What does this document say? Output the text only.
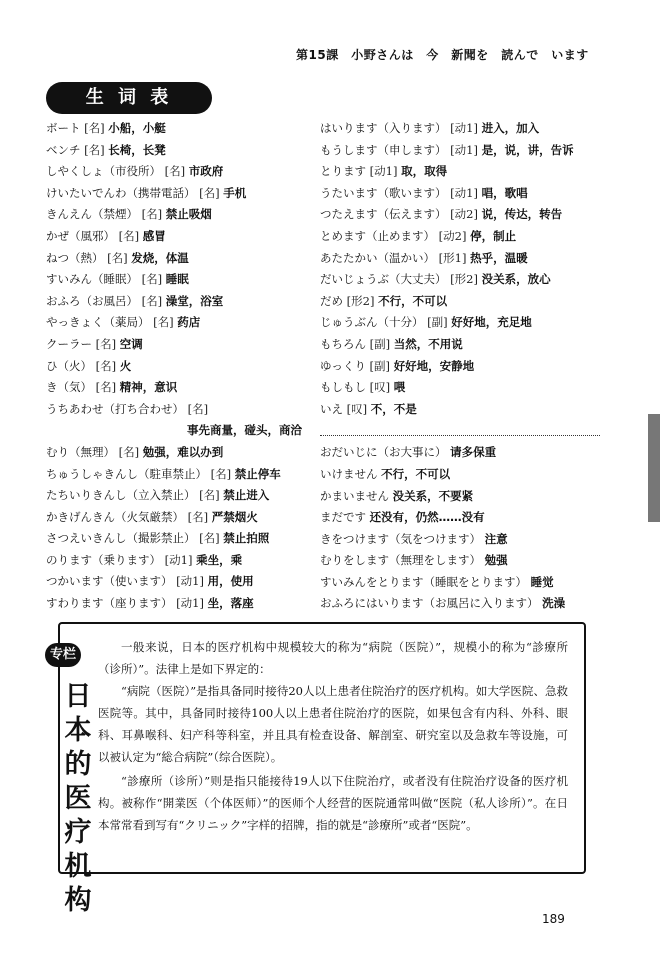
第15課　小野さんは　今　新聞を　読んで　います
生 词 表
ボート [名] 小船，小艇
ベンチ [名] 长椅，长凳
しやくしょ（市役所） [名] 市政府
けいたいでんわ（携帯電話） [名] 手机
きんえん（禁煙） [名] 禁止吸烟
かぜ（風邪） [名] 感冒
ねつ（熱） [名] 发烧，体温
すいみん（睡眠） [名] 睡眠
おふろ（お風呂） [名] 澡堂，浴室
やっきょく（薬局） [名] 药店
クーラー [名] 空调
ひ（火） [名] 火
き（気） [名] 精神，意识
うちあわせ（打ち合わせ） [名]
事先商量，碰头，商洽
むり（無理） [名] 勉强，难以办到
ちゅうしゃきんし（駐車禁止） [名] 禁止停车
たちいりきんし（立入禁止） [名] 禁止进入
かきげんきん（火気厳禁） [名] 严禁烟火
さつえいきんし（撮影禁止） [名] 禁止拍照
のります（乗ります） [动1] 乘坐，乘
つかいます（使います） [动1] 用，使用
すわります（座ります） [动1] 坐，落座
はいります（入ります） [动1] 进入，加入
もうします（申します） [动1] 是，说，讲，告诉
とります [动1] 取，取得
うたいます（歌います） [动1] 唱，歌唱
つたえます（伝えます） [动2] 说，传达，转告
とめます（止めます） [动2] 停，制止
あたたかい（温かい） [形1] 热乎，温暖
だいじょうぶ（大丈夫） [形2] 没关系，放心
だめ [形2] 不行，不可以
じゅうぶん（十分） [副] 好好地，充足地
もちろん [副] 当然，不用说
ゆっくり [副] 好好地，安静地
もしもし [叹] 喂
いえ [叹] 不，不是
おだいじに（お大事に） 请多保重
いけません 不行，不可以
かまいません 没关系，不要紧
まだです 还没有，仍然……没有
きをつけます（気をつけます） 注意
むりをします（無理をします） 勉强
すいみんをとります（睡眠をとります） 睡觉
おふろにはいります（お風呂に入ります） 洗澡
专栏
日
本
的
医
疗
机
构
一般来说，日本的医疗机构中规模较大的称为“病院（医院）”，规模小的称为“診療所（诊所）”。法律上是如下界定的：
“病院（医院）”是指具备同时接待20人以上患者住院治疗的医疗机构。如大学医院、急救医院等。其中，具备同时接待100人以上患者住院治疗的医院，如果包含有内科、外科、眼科、耳鼻喉科、妇产科等科室，并且具有检查设备、解剖室、研究室以及急救车等设施，可以被认定为“総合病院”（综合医院）。
“診療所（诊所）”则是指只能接待19人以下住院治疗，或者没有住院治疗设备的医疗机构。被称作“開業医（个体医师）”的医师个人经营的医院通常叫做“医院（私人诊所）”。在日本常常看到写有“クリニック”字样的招牌，指的就是“診療所”或者“医院”。
189
